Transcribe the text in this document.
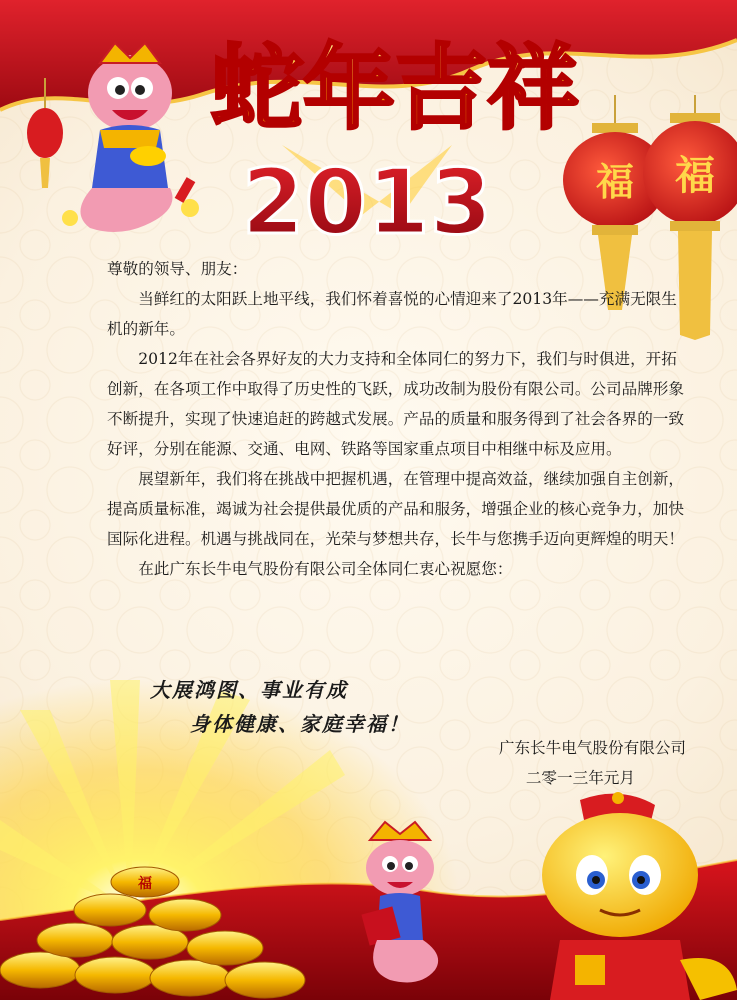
蛇年吉祥
2013	福 福
福

尊敬的领导、朋友：

当鲜红的太阳跃上地平线，我们怀着喜悦的心情迎来了2013年——充满无限生机的新年。

2012年在社会各界好友的大力支持和全体同仁的努力下，我们与时俱进，开拓创新，在各项工作中取得了历史性的飞跃，成功改制为股份有限公司。公司品牌形象不断提升，实现了快速追赶的跨越式发展。产品的质量和服务得到了社会各界的一致好评，分别在能源、交通、电网、铁路等国家重点项目中相继中标及应用。

展望新年，我们将在挑战中把握机遇，在管理中提高效益，继续加强自主创新，提高质量标准，竭诚为社会提供最优质的产品和服务，增强企业的核心竞争力，加快国际化进程。机遇与挑战同在，光荣与梦想共存，长牛与您携手迈向更辉煌的明天！

在此广东长牛电气股份有限公司全体同仁衷心祝愿您：

大展鸿图、事业有成
身体健康、家庭幸福！
广东长牛电气股份有限公司
二零一三年元月
